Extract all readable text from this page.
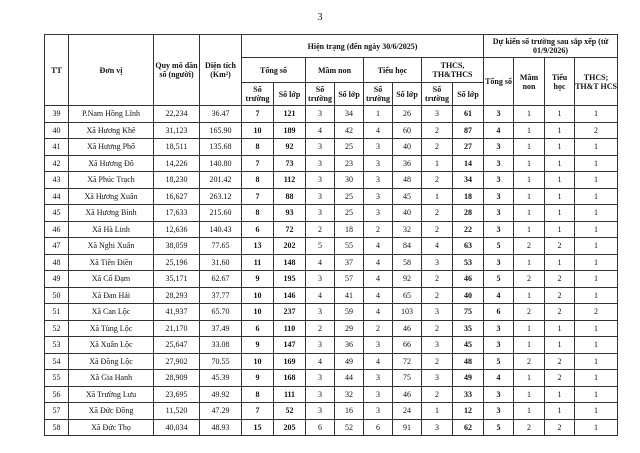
3
TT	Đơn vị	Quy mô dân số (người)	Diện tích (Km²)	Hiện trạng (đến ngày 30/6/2025)								Dự kiến số trường sau sắp xếp (từ 01/9/2026)			
				Tổng số		Mầm non		Tiểu học		THCS, TH&THCS		Tổng số	Mầm non	Tiểu học	THCS; TH&T HCS
				Số trường	Số lớp	Số trường	Số lớp	Số trường	Số lớp	Số trường	Số lớp				
39	P.Nam Hồng Lĩnh	22,234	36.47	7	121	3	34	1	26	3	61	3	1	1	1
40	Xã Hương Khê	31,123	165.90	10	189	4	42	4	60	2	87	4	1	1	2
41	Xã Hương Phố	18,511	135.68	8	92	3	25	3	40	2	27	3	1	1	1
42	Xã Hương Đô	14,226	140.80	7	73	3	23	3	36	1	14	3	1	1	1
43	Xã Phúc Trạch	18,230	201.42	8	112	3	30	3	48	2	34	3	1	1	1
44	Xã Hương Xuân	16,627	263.12	7	88	3	25	3	45	1	18	3	1	1	1
45	Xã Hương Bình	17,633	215.60	8	93	3	25	3	40	2	28	3	1	1	1
46	Xã Hà Linh	12,636	140.43	6	72	2	18	2	32	2	22	3	1	1	1
47	Xã Nghi Xuân	38,059	77.65	13	202	5	55	4	84	4	63	5	2	2	1
48	Xã Tiên Điền	25,196	31.60	11	148	4	37	4	58	3	53	3	1	1	1
49	Xã Cổ Đạm	35,171	62.67	9	195	3	57	4	92	2	46	5	2	2	1
50	Xã Đan Hải	28,293	37.77	10	146	4	41	4	65	2	40	4	1	2	1
51	Xã Can Lộc	41,937	65.70	10	237	3	59	4	103	3	75	6	2	2	2
52	Xã Tùng Lộc	21,170	37.49	6	110	2	29	2	46	2	35	3	1	1	1
53	Xã Xuân Lộc	25,647	33.08	9	147	3	36	3	66	3	45	3	1	1	1
54	Xã Đồng Lộc	27,902	70.55	10	169	4	49	4	72	2	48	5	2	2	1
55	Xã Gia Hanh	28,909	45.39	9	168	3	44	3	75	3	49	4	1	2	1
56	Xã Trường Lưu	23,695	49.92	8	111	3	32	3	46	2	33	3	1	1	1
57	Xã Đức Đồng	11,520	47.29	7	52	3	16	3	24	1	12	3	1	1	1
58	Xã Đức Thọ	40,034	48.93	15	205	6	52	6	91	3	62	5	2	2	1
